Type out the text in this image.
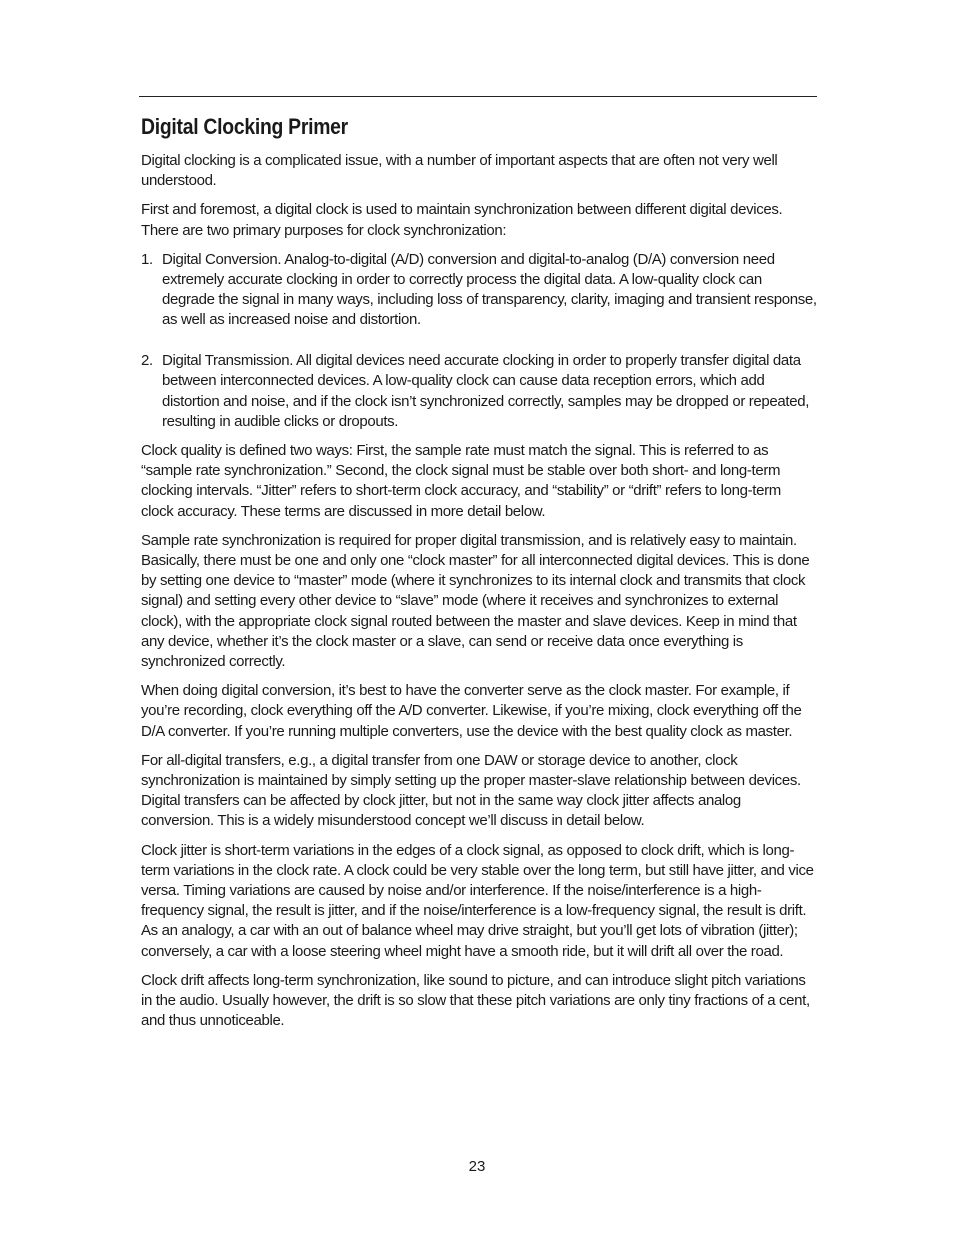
Digital Clocking Primer

Digital clocking is a complicated issue, with a number of important aspects that are often not very well understood.

First and foremost, a digital clock is used to maintain synchronization between different digital devices. There are two primary purposes for clock synchronization:

1. Digital Conversion. Analog-to-digital (A/D) conversion and digital-to-analog (D/A) conversion need extremely accurate clocking in order to correctly process the digital data. A low-quality clock can degrade the signal in many ways, including loss of transparency, clarity, imaging and transient response, as well as increased noise and distortion.
2. Digital Transmission. All digital devices need accurate clocking in order to properly transfer digital data between interconnected devices. A low-quality clock can cause data reception errors, which add distortion and noise, and if the clock isn’t synchronized correctly, samples may be dropped or repeated, resulting in audible clicks or dropouts.

Clock quality is defined two ways: First, the sample rate must match the signal. This is referred to as “sample rate synchronization.” Second, the clock signal must be stable over both short- and long-term clocking intervals. “Jitter” refers to short-term clock accuracy, and “stability” or “drift” refers to long-term clock accuracy. These terms are discussed in more detail below.

Sample rate synchronization is required for proper digital transmission, and is relatively easy to maintain. Basically, there must be one and only one “clock master” for all interconnected digital devices. This is done by setting one device to “master” mode (where it synchronizes to its internal clock and transmits that clock signal) and setting every other device to “slave” mode (where it receives and synchronizes to external clock), with the appropriate clock signal routed between the master and slave devices. Keep in mind that any device, whether it’s the clock master or a slave, can send or receive data once everything is synchronized correctly.

When doing digital conversion, it’s best to have the converter serve as the clock master. For example, if you’re recording, clock everything off the A/D converter. Likewise, if you’re mixing, clock everything off the D/A converter. If you’re running multiple converters, use the device with the best quality clock as master.

For all-digital transfers, e.g., a digital transfer from one DAW or storage device to another, clock synchronization is maintained by simply setting up the proper master-slave relationship between devices. Digital transfers can be affected by clock jitter, but not in the same way clock jitter affects analog conversion. This is a widely misunderstood concept we’ll discuss in detail below.

Clock jitter is short-term variations in the edges of a clock signal, as opposed to clock drift, which is long-term variations in the clock rate. A clock could be very stable over the long term, but still have jitter, and vice versa. Timing variations are caused by noise and/or interference. If the noise/interference is a high-frequency signal, the result is jitter, and if the noise/interference is a low-frequency signal, the result is drift. As an analogy, a car with an out of balance wheel may drive straight, but you’ll get lots of vibration (jitter); conversely, a car with a loose steering wheel might have a smooth ride, but it will drift all over the road.

Clock drift affects long-term synchronization, like sound to picture, and can introduce slight pitch variations in the audio. Usually however, the drift is so slow that these pitch variations are only tiny fractions of a cent, and thus unnoticeable.

23
